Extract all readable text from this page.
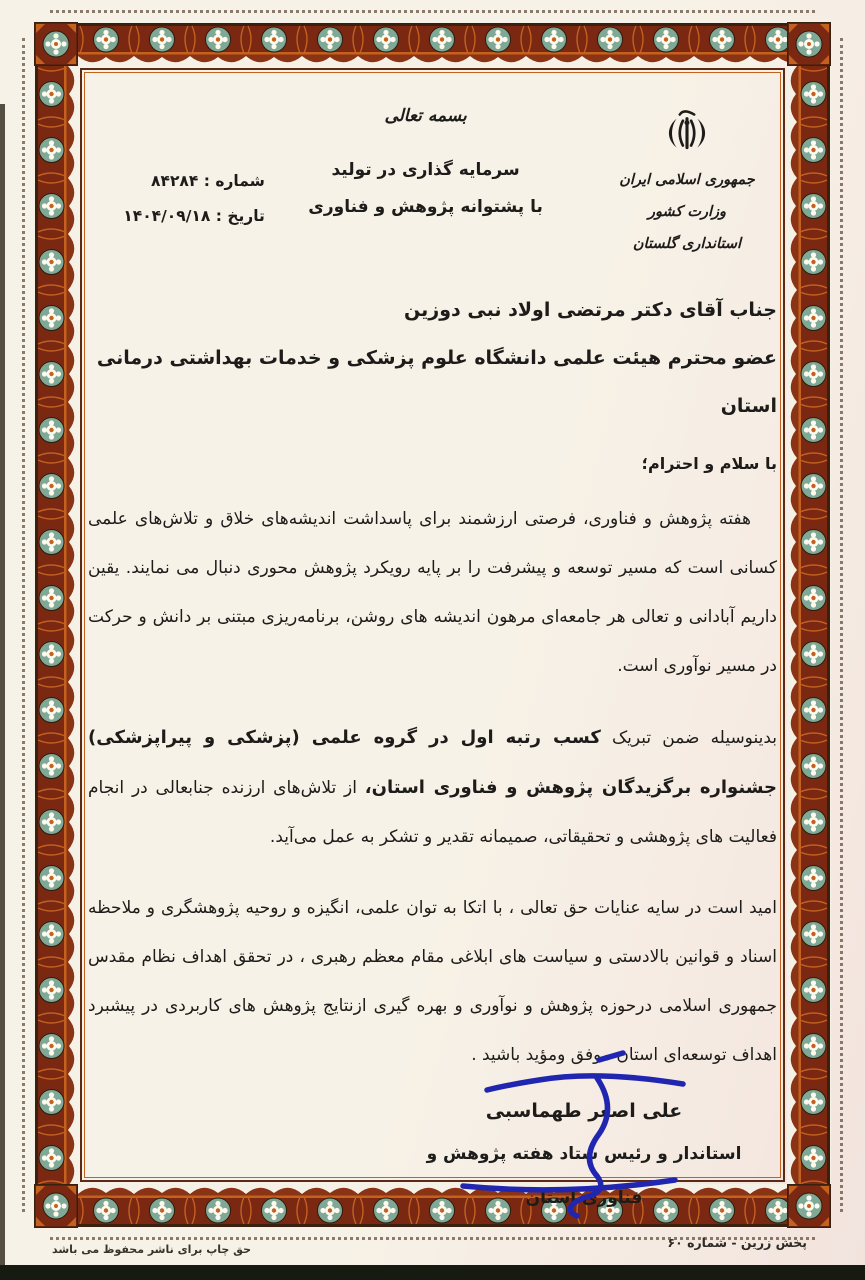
جمهوری اسلامی ایران
وزارت کشور
استانداری گلستان
بسمه تعالی
سرمایه گذاری در تولید
با پشتوانه پژوهش و فناوری
شماره : ۸۴۲۸۴
تاریخ : ۱۴۰۴/۰۹/۱۸
جناب آقای دکتر مرتضی اولاد نبی دوزین
عضو محترم هیئت علمی دانشگاه علوم پزشکی و خدمات بهداشتی درمانی استان
با سلام و احترام؛
هفته پژوهش و فناوری، فرصتی ارزشمند برای پاسداشت اندیشه‌های خلاق و تلاش‌های علمی کسانی است که مسیر توسعه و پیشرفت را بر پایه رویکرد پژوهش محوری دنبال می نمایند. یقین داریم آبادانی و تعالی هر جامعه‌ای مرهون اندیشه های روشن، برنامه‌ریزی مبتنی بر دانش و حرکت در مسیر نوآوری است.
بدینوسیله ضمن تبریک کسب رتبه اول در گروه علمی (پزشکی و پیراپزشکی) جشنواره برگزیدگان پژوهش و فناوری استان، از تلاش‌های ارزنده جنابعالی در انجام فعالیت های پژوهشی و تحقیقاتی، صمیمانه تقدیر و تشکر به عمل می‌آید.
امید است در سایه عنایات حق تعالی ، با اتکا به توان علمی، انگیزه و روحیه پژوهشگری و ملاحظه اسناد و قوانین بالادستی و سیاست های ابلاغی مقام معظم رهبری ، در تحقق اهداف نظام مقدس جمهوری اسلامی درحوزه پژوهش و نوآوری و بهره گیری ازنتایج پژوهش های کاربردی در پیشبرد اهداف توسعه‌ای استان موفق ومؤید باشید .
علی اصغر طهماسبی
استاندار و رئیس ستاد هفته پژوهش و فناوری استان
حق چاپ برای ناشر محفوظ می باشد	پخش زرین - شماره ۶۰
